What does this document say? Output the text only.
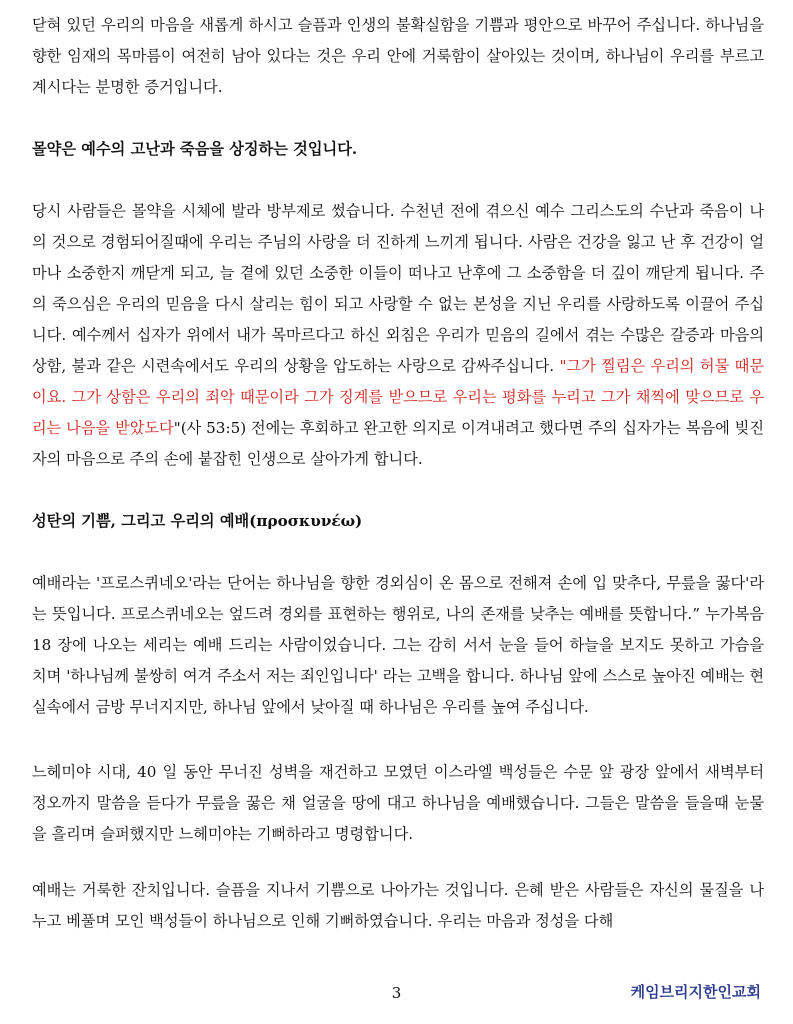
닫혀 있던 우리의 마음을 새롭게 하시고 슬픔과 인생의 불확실함을 기쁨과 평안으로 바꾸어 주십니다. 하나님을 향한 임재의 목마름이 여전히 남아 있다는 것은 우리 안에 거룩함이 살아있는 것이며, 하나님이 우리를 부르고 계시다는 분명한 증거입니다.

몰약은 예수의 고난과 죽음을 상징하는 것입니다.

당시 사람들은 몰약을 시체에 발라 방부제로 썼습니다. 수천년 전에 겪으신 예수 그리스도의 수난과 죽음이 나의 것으로 경험되어질때에 우리는 주님의 사랑을 더 진하게 느끼게 됩니다. 사람은 건강을 잃고 난 후 건강이 얼마나 소중한지 깨닫게 되고, 늘 곁에 있던 소중한 이들이 떠나고 난후에 그 소중함을 더 깊이 깨닫게 됩니다. 주의 죽으심은 우리의 믿음을 다시 살리는 힘이 되고 사랑할 수 없는 본성을 지닌 우리를 사랑하도록 이끌어 주십니다. 예수께서 십자가 위에서 내가 목마르다고 하신 외침은 우리가 믿음의 길에서 겪는 수많은 갈증과 마음의 상함, 불과 같은 시련속에서도 우리의 상황을 압도하는 사랑으로 감싸주십니다. "그가 찔림은 우리의 허물 때문이요. 그가 상함은 우리의 죄악 때문이라 그가 징계를 받으므로 우리는 평화를 누리고 그가 채찍에 맞으므로 우리는 나음을 받았도다"(사 53:5) 전에는 후회하고 완고한 의지로 이겨내려고 했다면 주의 십자가는 복음에 빚진 자의 마음으로 주의 손에 붙잡힌 인생으로 살아가게 합니다.

성탄의 기쁨, 그리고 우리의 예배(προσκυνέω)

예배라는 '프로스퀴네오'라는 단어는 하나님을 향한 경외심이 온 몸으로 전해져 손에 입 맞추다, 무릎을 꿇다'라는 뜻입니다. 프로스퀴네오는 엎드려 경외를 표현하는 행위로, 나의 존재를 낮추는 예배를 뜻합니다.” 누가복음 18 장에 나오는 세리는 예배 드리는 사람이었습니다. 그는 감히 서서 눈을 들어 하늘을 보지도 못하고 가슴을 치며 '하나님께 불쌍히 여겨 주소서 저는 죄인입니다' 라는 고백을 합니다. 하나님 앞에 스스로 높아진 예배는 현실속에서 금방 무너지지만, 하나님 앞에서 낮아질 때 하나님은 우리를 높여 주십니다.

느헤미야 시대, 40 일 동안 무너진 성벽을 재건하고 모였던 이스라엘 백성들은 수문 앞 광장 앞에서 새벽부터 정오까지 말씀을 듣다가 무릎을 꿇은 채 얼굴을 땅에 대고 하나님을 예배했습니다. 그들은 말씀을 들을때 눈물을 흘리며 슬퍼했지만 느헤미야는 기뻐하라고 명령합니다.

예배는 거룩한 잔치입니다. 슬픔을 지나서 기쁨으로 나아가는 것입니다. 은혜 받은 사람들은 자신의 물질을 나누고 베풀며 모인 백성들이 하나님으로 인해 기뻐하였습니다. 우리는 마음과 정성을 다해

3	케임브리지한인교회
